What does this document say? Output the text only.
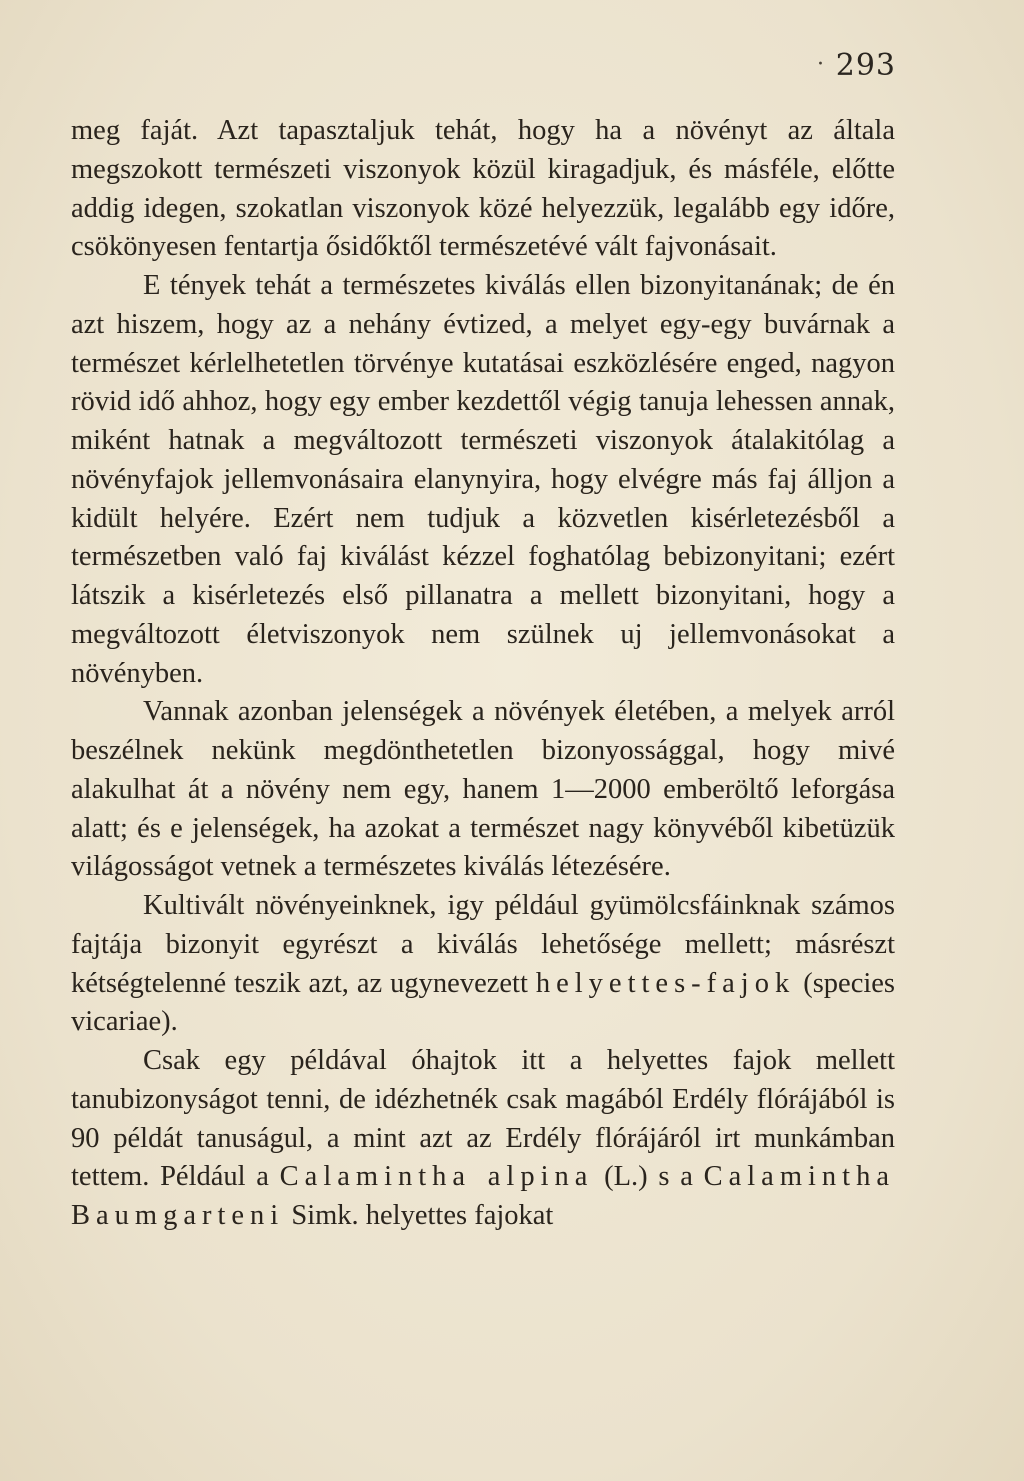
· 293

meg faját. Azt tapasztaljuk tehát, hogy ha a növényt az általa megszokott természeti viszonyok közül kiragadjuk, és másféle, előtte addig idegen, szokatlan viszonyok közé helyezzük, legalább egy időre, csökönyesen fentartja ősidőktől természetévé vált fajvonásait.

E tények tehát a természetes kiválás ellen bizonyitanának; de én azt hiszem, hogy az a nehány évtized, a melyet egy-egy buvárnak a természet kérlelhetetlen törvénye kutatásai eszközlésére enged, nagyon rövid idő ahhoz, hogy egy ember kezdettől végig tanuja lehessen annak, miként hatnak a megváltozott természeti viszonyok átalakitólag a növényfajok jellemvonásaira elanynyira, hogy elvégre más faj álljon a kidült helyére. Ezért nem tudjuk a közvetlen kisérletezésből a természetben való faj kiválást kézzel foghatólag bebizonyitani; ezért látszik a kisérletezés első pillanatra a mellett bizonyitani, hogy a megváltozott életviszonyok nem szülnek uj jellemvonásokat a növényben.

Vannak azonban jelenségek a növények életében, a melyek arról beszélnek nekünk megdönthetetlen bizonyossággal, hogy mivé alakulhat át a növény nem egy, hanem 1—2000 emberöltő leforgása alatt; és e jelenségek, ha azokat a természet nagy könyvéből kibetüzük világosságot vetnek a természetes kiválás létezésére.

Kultivált növényeinknek, igy például gyümölcsfáinknak számos fajtája bizonyit egyrészt a kiválás lehetősége mellett; másrészt kétségtelenné teszik azt, az ugynevezett helyettes-fajok (species vicariae).

Csak egy példával óhajtok itt a helyettes fajok mellett tanubizonyságot tenni, de idézhetnék csak magából Erdély flórájából is 90 példát tanuságul, a mint azt az Erdély flórájáról irt munkámban tettem. Például a Calamintha alpina (L.) s a Calamintha Baumgarteni Simk. helyettes fajokat
